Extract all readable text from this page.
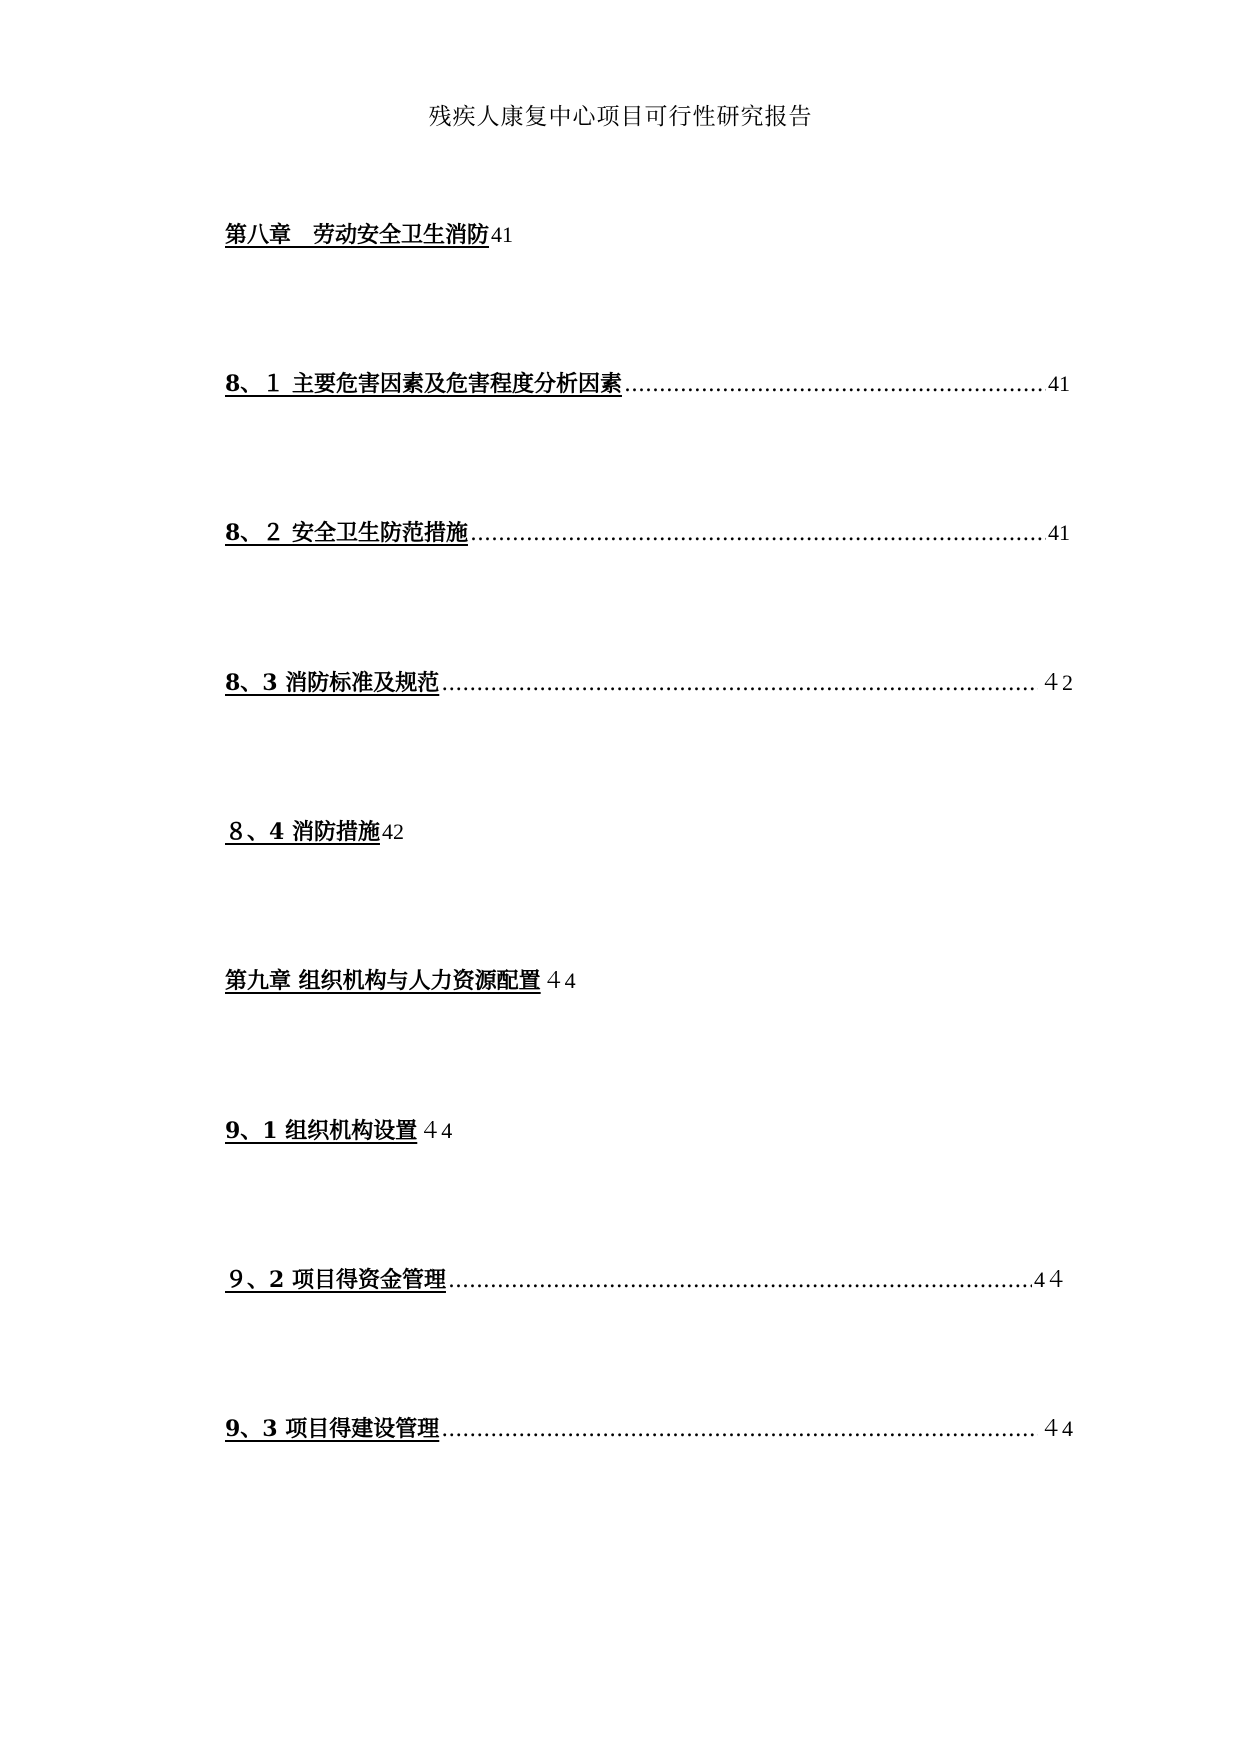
残疾人康复中心项目可行性研究报告
第八章　劳动安全卫生消防 41
8、１ 主要危害因素及危害程度分析因素 .....	41
8、２ 安全卫生防范措施 .....	41
8、3 消防标准及规范 .....	４2
８、4 消防措施 42
第九章 组织机构与人力资源配置 ４4
9、1 组织机构设置 ４4
９、2 项目得资金管理 .....	4４
9、3 项目得建设管理 .....	４4
